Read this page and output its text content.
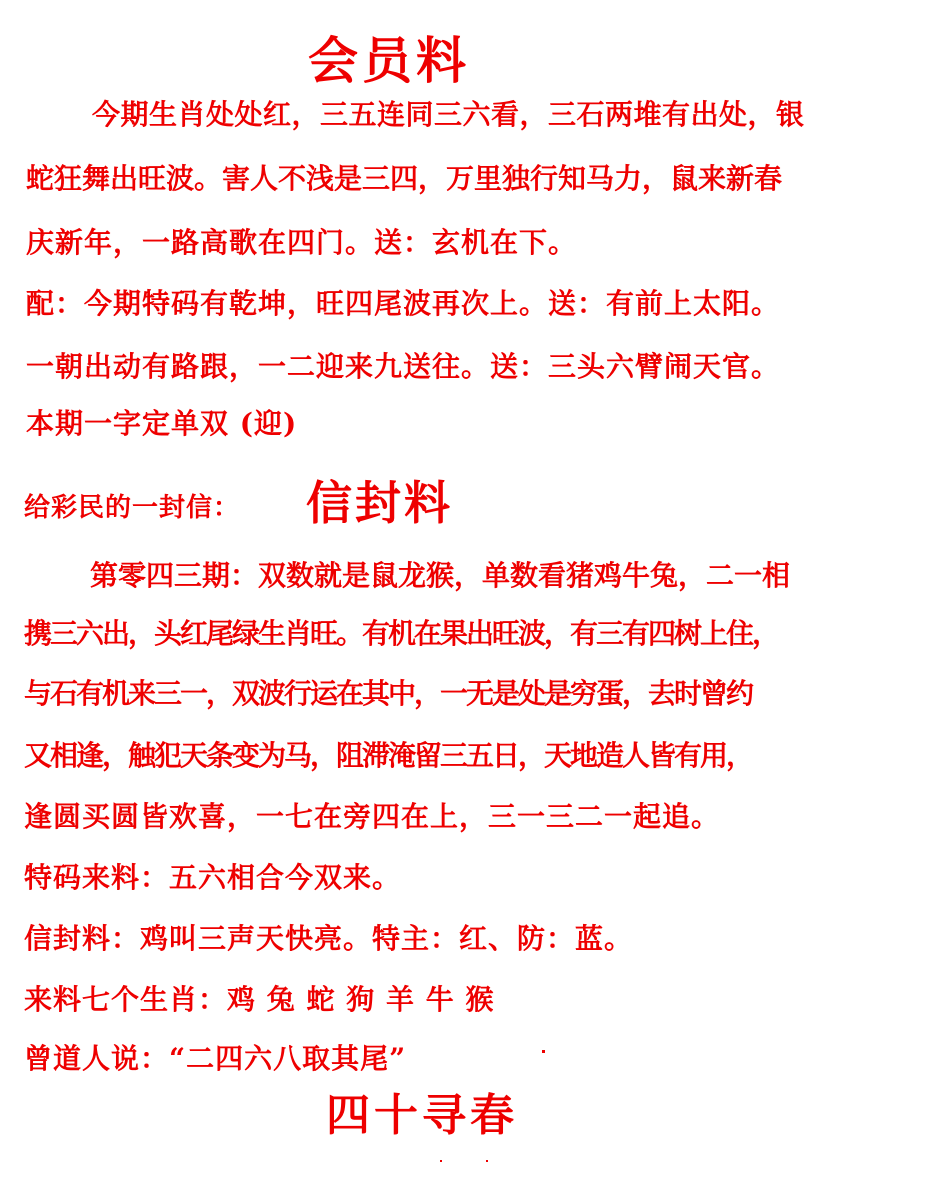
会员料
今期生肖处处红，三五连同三六看，三石两堆有出处，银
蛇狂舞出旺波。害人不浅是三四，万里独行知马力，鼠来新春
庆新年，一路高歌在四门。送：玄机在下。
配：今期特码有乾坤，旺四尾波再次上。送：有前上太阳。
一朝出动有路跟，一二迎来九送往。送：三头六臂闹天官。
本期一字定单双 (迎)
给彩民的一封信： 信封料
第零四三期：双数就是鼠龙猴，单数看猪鸡牛兔，二一相
携三六出，头红尾绿生肖旺。有机在果出旺波，有三有四树上住，
与石有机来三一，双波行运在其中，一无是处是穷蛋，去时曾约
又相逢，触犯天条变为马，阻滞淹留三五日，天地造人皆有用，
逢圆买圆皆欢喜，一七在旁四在上，三一三二一起追。
特码来料：五六相合今双来。
信封料：鸡叫三声天快亮。特主：红、防：蓝。
来料七个生肖：鸡 兔 蛇 狗 羊 牛 猴
曾道人说：“二四六八取其尾”
四十寻春
